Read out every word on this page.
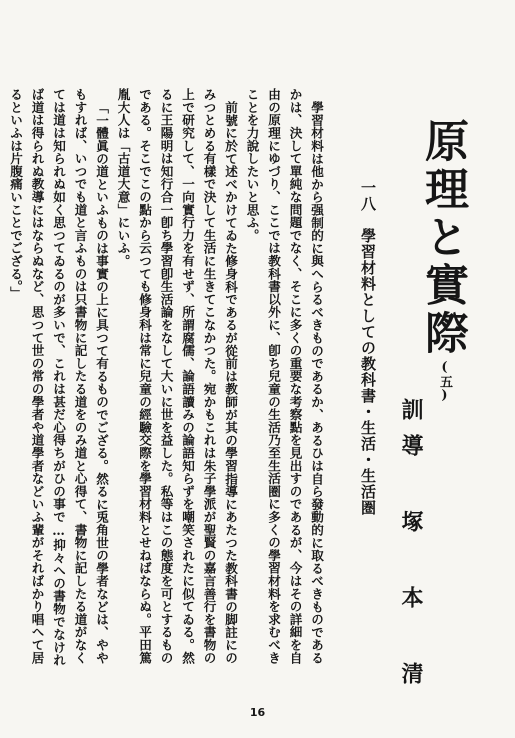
原理と實際
(五)
訓導 塚 本 清
一八　學習材料としての教科書・生活・生活圏

學習材料は他から强制的に與へらるべきものであるか、あるひは自ら發動的に取るべきものであるかは、決して單純な問題でなく、そこに多くの重要な考察點を見出すのであるが、今はその詳細を自由の原理にゆづり、ここでは教科書以外に、卽ち兒童の生活乃至生活圏に多くの學習材料を求むべきことを力說したいと思ふ。

前號に於て述べかけてゐた修身科であるが從前は教師が其の學習指導にあたつた教科書の脚註にのみつとめる有樣で決して生活に生きてこなかつた。宛かもこれは朱子學派が聖賢の嘉言善行を書物の上で研究して、一向實行力を有せず、所謂腐儒、論語讀みの論語知らずを嘲笑されたに似てゐる。然るに王陽明は知行合一卽ち學習卽生活論をなして大いに世を益した。私等はこの態度を可とするものである。そこでこの點から云つても修身科は常に兒童の經驗交際を學習材料とせねばならぬ。平田篤胤大人は「古道大意」にいふ。

「一體眞の道といふものは事實の上に具つて有るものでござる。然るに兎角世の學者などは、ややもすれば、いつでも道と言ふものは只書物に記したる道をのみ道と心得て、書物に記したる道がなくては道は知られぬ如く思つてゐるのが多いで、これは甚だ心得ちがひの事で…抑々への書物でなければ道は得られぬ教導にはならぬなど、思つて世の常の學者や道學者などいふ輩がそればかり唱へて居るといふは片腹痛いことでござる。」

16
